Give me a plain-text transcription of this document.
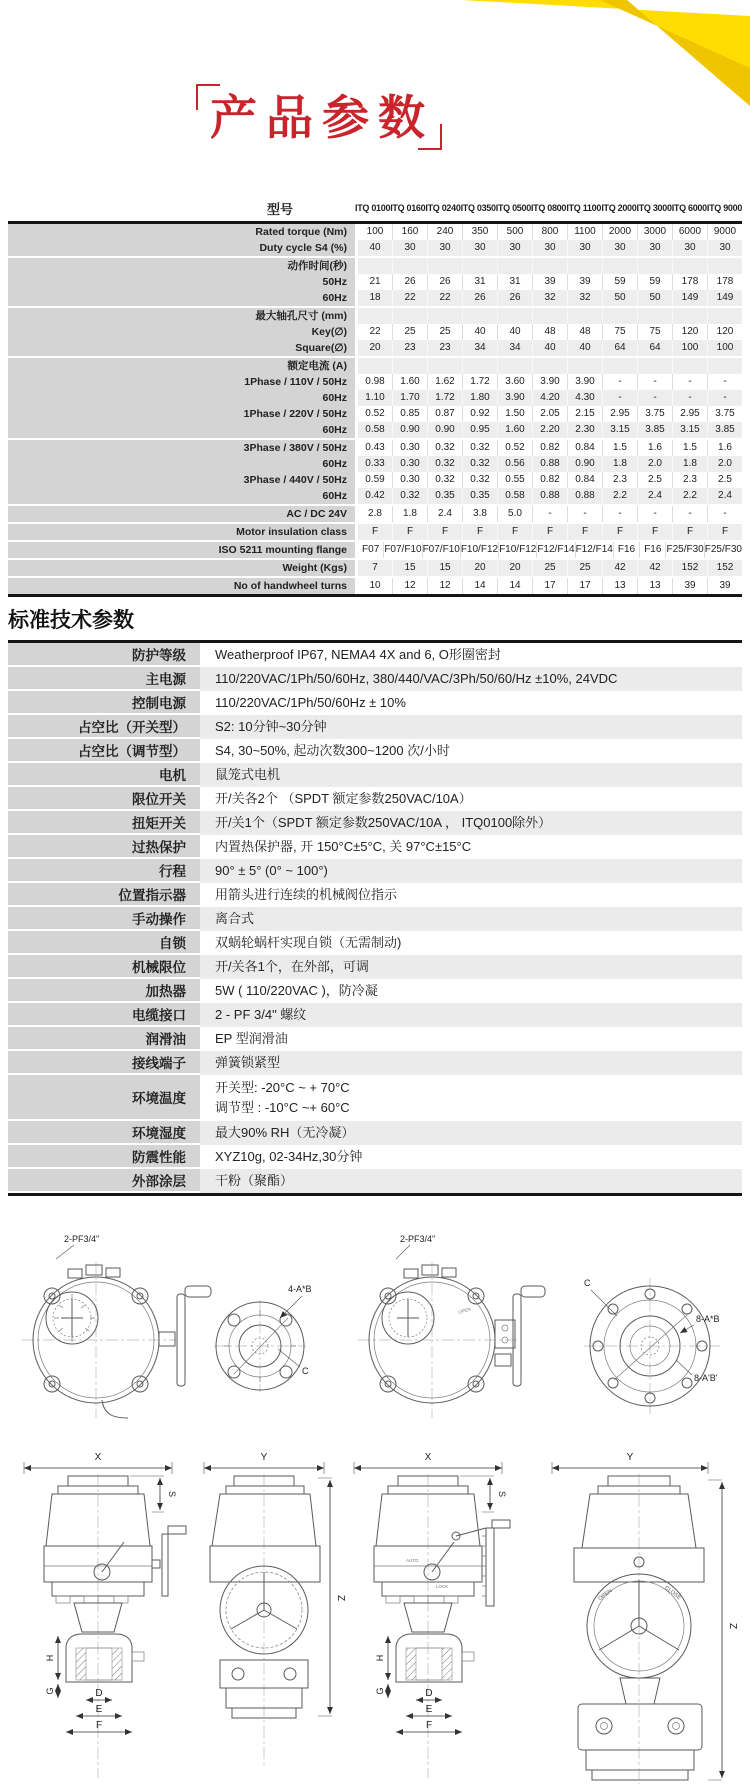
产品参数
型号	ITQ 0100 ITQ 0160 ITQ 0240 ITQ 0350 ITQ 0500 ITQ 0800 ITQ 1100 ITQ 2000 ITQ 3000 ITQ 6000 ITQ 9000
Rated torque (Nm)	100	160	240	350	500	800	1100	2000	3000	6000	9000
Duty cycle S4 (%)	40	30	30	30	30	30	30	30	30	30	30
动作时间(秒)
50Hz	21	26	26	31	31	39	39	59	59	178	178
60Hz	18	22	22	26	26	32	32	50	50	149	149
最大轴孔尺寸 (mm)
Key(∅)	22	25	25	40	40	48	48	75	75	120	120
Square(∅)	20	23	23	34	34	40	40	64	64	100	100
额定电流 (A)
1Phase / 110V / 50Hz	0.98	1.60	1.62	1.72	3.60	3.90	3.90	-	-	-	-
60Hz	1.10	1.70	1.72	1.80	3.90	4.20	4.30	-	-	-	-
1Phase / 220V / 50Hz	0.52	0.85	0.87	0.92	1.50	2.05	2.15	2.95	3.75	2.95	3.75
60Hz	0.58	0.90	0.90	0.95	1.60	2.20	2.30	3.15	3.85	3.15	3.85
3Phase / 380V / 50Hz	0.43	0.30	0.32	0.32	0.52	0.82	0.84	1.5	1.6	1.5	1.6
60Hz	0.33	0.30	0.32	0.32	0.56	0.88	0.90	1.8	2.0	1.8	2.0
3Phase / 440V / 50Hz	0.59	0.30	0.32	0.32	0.55	0.82	0.84	2.3	2.5	2.3	2.5
60Hz	0.42	0.32	0.35	0.35	0.58	0.88	0.88	2.2	2.4	2.2	2.4
AC / DC 24V	2.8	1.8	2.4	3.8	5.0	-	-	-	-	-	-
Motor insulation class	F	F	F	F	F	F	F	F	F	F	F
ISO 5211 mounting flange	F07 F07/F10 F07/F10 F10/F12 F10/F12 F12/F14 F12/F14 F16 F16 F25/F30 F25/F30
Weight (Kgs)	7	15	15	20	20	25	25	42	42	152	152
No of handwheel turns	10	12	12	14	14	17	17	13	13	39	39
标准技术参数
防护等级	Weatherproof IP67, NEMA4 4X and 6, O形圈密封
主电源	110/220VAC/1Ph/50/60Hz, 380/440/VAC/3Ph/50/60/Hz ±10%, 24VDC
控制电源	110/220VAC/1Ph/50/60Hz ± 10%
占空比（开关型）	S2: 10分钟~30分钟
占空比（调节型）	S4, 30~50%, 起动次数300~1200 次/小时
电机	鼠笼式电机
限位开关	开/关各2个 （SPDT 额定参数250VAC/10A）
扭矩开关	开/关1个（SPDT 额定参数250VAC/10A ， ITQ0100除外）
过热保护	内置热保护器, 开 150°C±5°C, 关 97°C±15°C
行程	90° ± 5° (0° ~ 100°)
位置指示器	用箭头进行连续的机械阀位指示
手动操作	离合式
自锁	双蜗轮蜗杆实现自锁（无需制动)
机械限位	开/关各1个，在外部，可调
加热器	5W ( 110/220VAC )，防冷凝
电缆接口	2 - PF 3/4" 螺纹
润滑油	EP 型润滑油
接线端子	弹簧锁紧型
环境温度
开关型: -20°C ~ + 70°C
调节型 : -10°C ~+ 60°C
环境湿度	最大90% RH（无冷凝）
防震性能	XYZ10g, 02-34Hz,30分钟
外部涂层	干粉（聚酯）
2-PF3/4"
4-A*B
C
OPEN
2-PF3/4"
C
8-A*B
8-A'B'
X
S
H
G	D
E
F
Y
Z
X
S
AUTO
LOCK
H
G	D
E
F
Y
OPEN	CLOSE
Z
